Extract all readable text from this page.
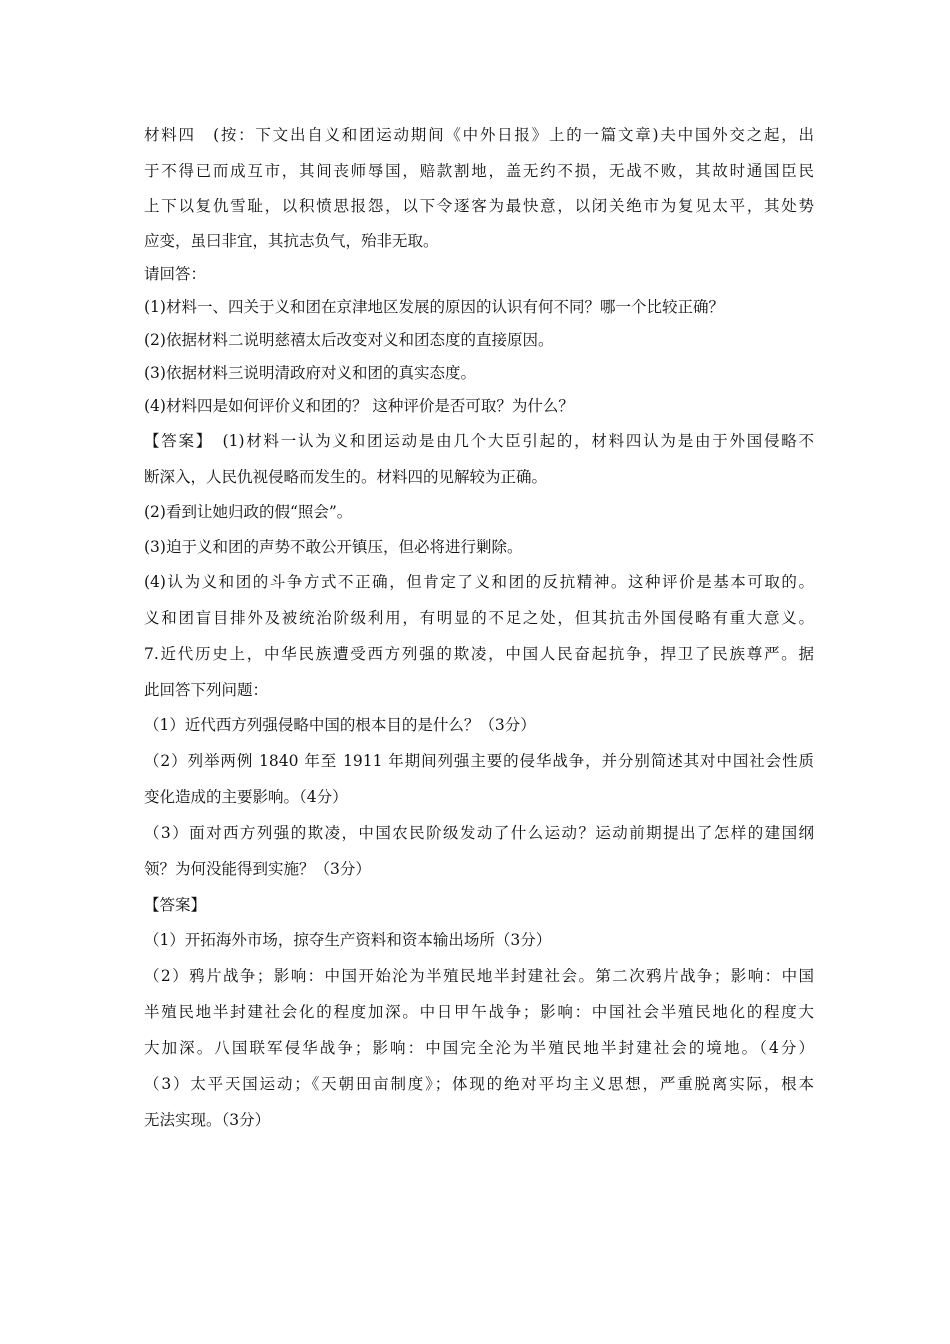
材料四　(按：下文出自义和团运动期间《中外日报》上的一篇文章)夫中国外交之起，出
于不得已而成互市，其间丧师辱国，赔款割地，盖无约不损，无战不败，其故时通国臣民
上下以复仇雪耻，以积愤思报怨，以下令逐客为最快意，以闭关绝市为复见太平，其处势
应变，虽曰非宜，其抗志负气，殆非无取。
请回答：
(1)材料一、四关于义和团在京津地区发展的原因的认识有何不同？哪一个比较正确？
(2)依据材料二说明慈禧太后改变对义和团态度的直接原因。
(3)依据材料三说明清政府对义和团的真实态度。
(4)材料四是如何评价义和团的？ 这种评价是否可取？为什么？
【答案】　(1)材料一认为义和团运动是由几个大臣引起的，材料四认为是由于外国侵略不
断深入，人民仇视侵略而发生的。材料四的见解较为正确。
(2)看到让她归政的假“照会”。
(3)迫于义和团的声势不敢公开镇压，但必将进行剿除。
(4)认为义和团的斗争方式不正确，但肯定了义和团的反抗精神。这种评价是基本可取的。
义和团盲目排外及被统治阶级利用，有明显的不足之处，但其抗击外国侵略有重大意义。
7.近代历史上，中华民族遭受西方列强的欺凌，中国人民奋起抗争，捍卫了民族尊严。据
此回答下列问题：
（1）近代西方列强侵略中国的根本目的是什么？（3分）
（2）列举两例 1840 年至 1911 年期间列强主要的侵华战争，并分别简述其对中国社会性质
变化造成的主要影响。（4分）
（3）面对西方列强的欺凌，中国农民阶级发动了什么运动？运动前期提出了怎样的建国纲
领？为何没能得到实施？（3分）
【答案】
（1）开拓海外市场，掠夺生产资料和资本输出场所（3分）
（2）鸦片战争；影响：中国开始沦为半殖民地半封建社会。第二次鸦片战争；影响：中国
半殖民地半封建社会化的程度加深。中日甲午战争；影响：中国社会半殖民地化的程度大
大加深。八国联军侵华战争；影响：中国完全沦为半殖民地半封建社会的境地。（4分）
（3）太平天国运动；《天朝田亩制度》；体现的绝对平均主义思想，严重脱离实际，根本
无法实现。（3分）
